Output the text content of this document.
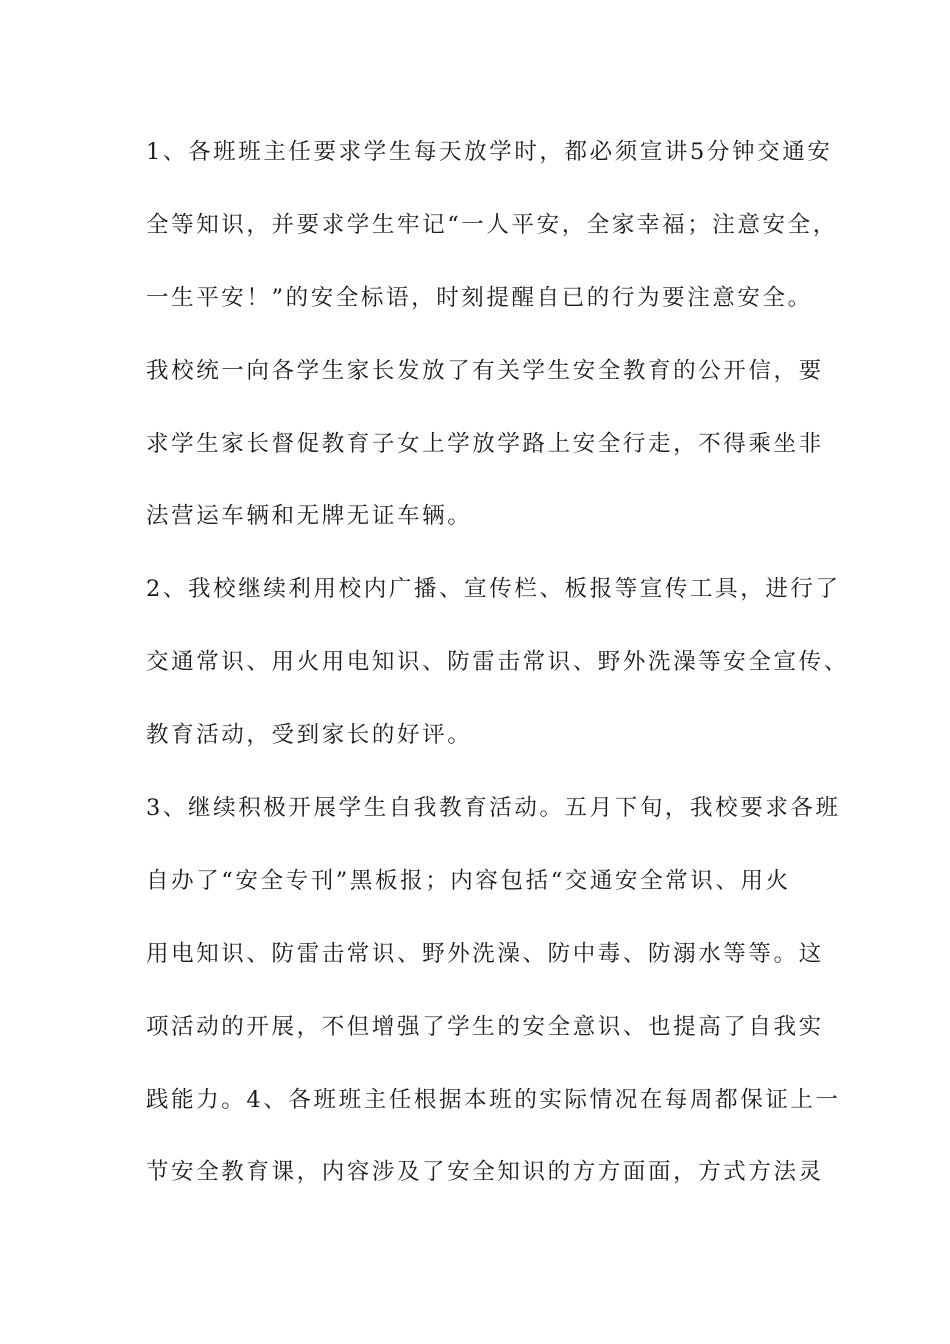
1、各班班主任要求学生每天放学时，都必须宣讲5分钟交通安
全等知识，并要求学生牢记“一人平安，全家幸福；注意安全，
一生平安！”的安全标语，时刻提醒自已的行为要注意安全。
我校统一向各学生家长发放了有关学生安全教育的公开信，要
求学生家长督促教育子女上学放学路上安全行走，不得乘坐非
法营运车辆和无牌无证车辆。
2、我校继续利用校内广播、宣传栏、板报等宣传工具，进行了
交通常识、用火用电知识、防雷击常识、野外洗澡等安全宣传、
教育活动，受到家长的好评。
3、继续积极开展学生自我教育活动。五月下旬，我校要求各班
自办了“安全专刊”黑板报；内容包括“交通安全常识、用火
用电知识、防雷击常识、野外洗澡、防中毒、防溺水等等。这
项活动的开展，不但增强了学生的安全意识、也提高了自我实
践能力。4、各班班主任根据本班的实际情况在每周都保证上一
节安全教育课，内容涉及了安全知识的方方面面，方式方法灵
